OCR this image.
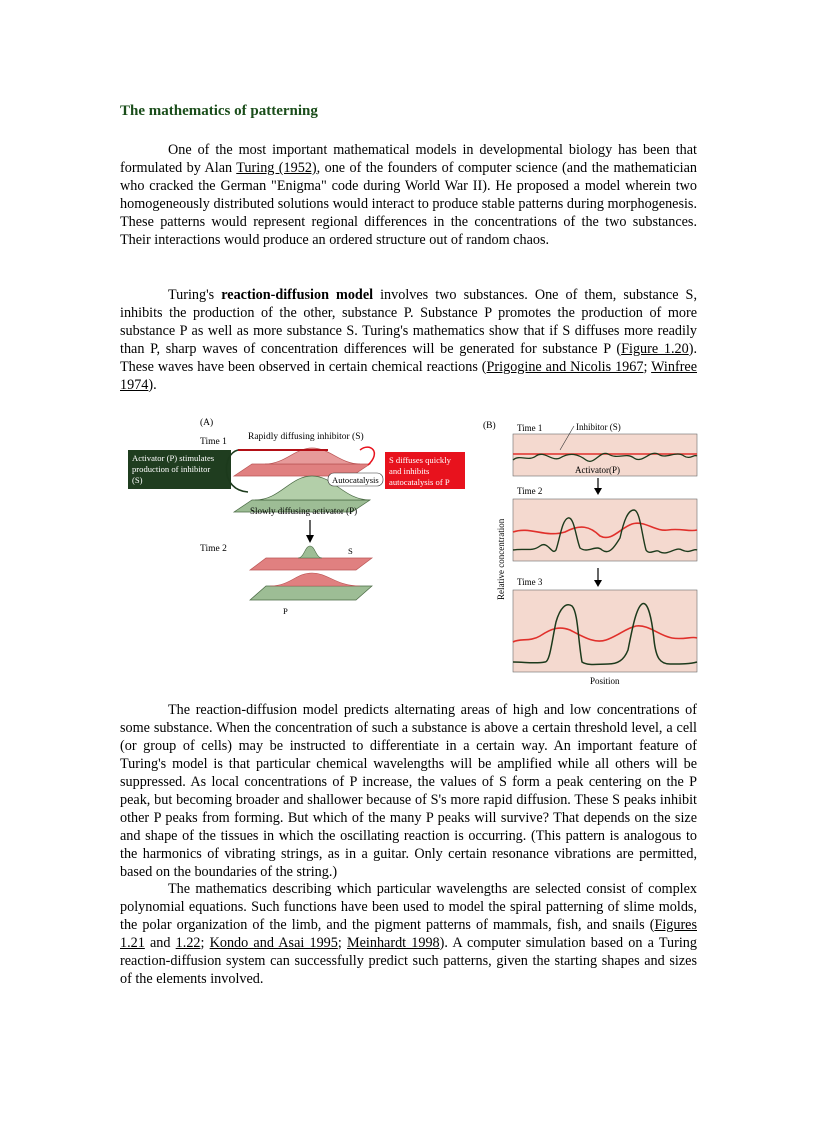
The mathematics of patterning

One of the most important mathematical models in developmental biology has been that formulated by Alan Turing (1952), one of the founders of computer science (and the mathematician who cracked the German "Enigma" code during World War II). He proposed a model wherein two homogeneously distributed solutions would interact to produce stable patterns during morphogenesis. These patterns would represent regional differences in the concentrations of the two substances. Their interactions would produce an ordered structure out of random chaos.

Turing's reaction-diffusion model involves two substances. One of them, substance S, inhibits the production of the other, substance P. Substance P promotes the production of more substance P as well as more substance S. Turing's mathematics show that if S diffuses more readily than P, sharp waves of concentration differences will be generated for substance P (Figure 1.20). These waves have been observed in certain chemical reactions (Prigogine and Nicolis 1967; Winfree 1974).

(A)
Time 1 Rapidly diffusing inhibitor (S)
Activator (P) stimulates
production of inhibitor
(S)
S diffuses quickly
and inhibits
autocatalysis of P
Autocatalysis
Slowly diffusing activator (P)
Time 2	S
P
(B) Time 1	Inhibitor (S)
Activator(P)
Time 2
Time 3
Relative concentration
Position

The reaction-diffusion model predicts alternating areas of high and low concentrations of some substance. When the concentration of such a substance is above a certain threshold level, a cell (or group of cells) may be instructed to differentiate in a certain way. An important feature of Turing's model is that particular chemical wavelengths will be amplified while all others will be suppressed. As local concentrations of P increase, the values of S form a peak centering on the P peak, but becoming broader and shallower because of S's more rapid diffusion. These S peaks inhibit other P peaks from forming. But which of the many P peaks will survive? That depends on the size and shape of the tissues in which the oscillating reaction is occurring. (This pattern is analogous to the harmonics of vibrating strings, as in a guitar. Only certain resonance vibrations are permitted, based on the boundaries of the string.)

The mathematics describing which particular wavelengths are selected consist of complex polynomial equations. Such functions have been used to model the spiral patterning of slime molds, the polar organization of the limb, and the pigment patterns of mammals, fish, and snails (Figures 1.21 and 1.22; Kondo and Asai 1995; Meinhardt 1998). A computer simulation based on a Turing reaction-diffusion system can successfully predict such patterns, given the starting shapes and sizes of the elements involved.
